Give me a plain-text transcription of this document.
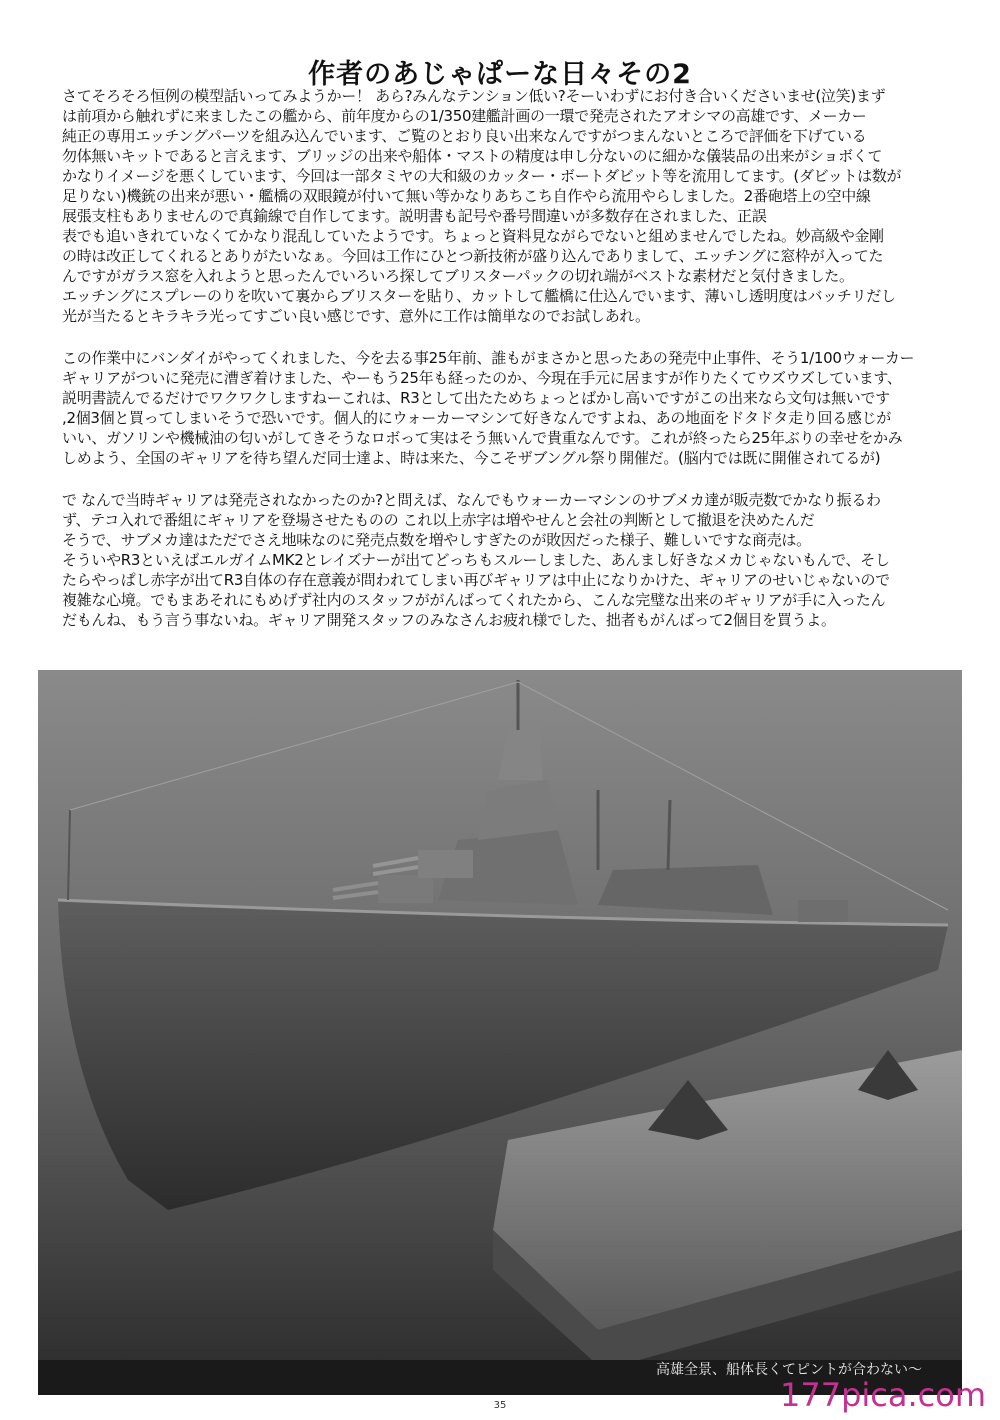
作者のあじゃぱーな日々その2

さてそろそろ恒例の模型話いってみようかー！ あら?みんなテンション低い?そーいわずにお付き合いくださいませ(泣笑)まず
は前項から触れずに来ましたこの艦から、前年度からの1/350建艦計画の一環で発売されたアオシマの高雄です、メーカー
純正の専用エッチングパーツを組み込んでいます、ご覧のとおり良い出来なんですがつまんないところで評価を下げている
勿体無いキットであると言えます、ブリッジの出来や船体・マストの精度は申し分ないのに細かな儀装品の出来がショボくて
かなりイメージを悪くしています、今回は一部タミヤの大和級のカッター・ボートダビット等を流用してます。(ダビットは数が
足りない)機銃の出来が悪い・艦橋の双眼鏡が付いて無い等かなりあちこち自作やら流用やらしました。2番砲塔上の空中線
展張支柱もありませんので真鍮線で自作してます。説明書も記号や番号間違いが多数存在されました、正誤
表でも追いきれていなくてかなり混乱していたようです。ちょっと資料見ながらでないと組めませんでしたね。妙高級や金剛
の時は改正してくれるとありがたいなぁ。今回は工作にひとつ新技術が盛り込んでありまして、エッチングに窓枠が入ってた
んですがガラス窓を入れようと思ったんでいろいろ探してブリスターパックの切れ端がベストな素材だと気付きました。
エッチングにスプレーのりを吹いて裏からブリスターを貼り、カットして艦橋に仕込んでいます、薄いし透明度はバッチリだし
光が当たるとキラキラ光ってすごい良い感じです、意外に工作は簡単なのでお試しあれ。

この作業中にバンダイがやってくれました、今を去る事25年前、誰もがまさかと思ったあの発売中止事件、そう1/100ウォーカー
ギャリアがついに発売に漕ぎ着けました、やーもう25年も経ったのか、今現在手元に居ますが作りたくてウズウズしています、
説明書読んでるだけでワクワクしますねーこれは、R3として出たためちょっとばかし高いですがこの出来なら文句は無いです
,2個3個と買ってしまいそうで恐いです。個人的にウォーカーマシンて好きなんですよね、あの地面をドタドタ走り回る感じが
いい、ガソリンや機械油の匂いがしてきそうなロボって実はそう無いんで貴重なんです。これが終ったら25年ぶりの幸せをかみ
しめよう、全国のギャリアを待ち望んだ同士達よ、時は来た、今こそザブングル祭り開催だ。(脳内では既に開催されてるが)

で なんで当時ギャリアは発売されなかったのか?と問えば、なんでもウォーカーマシンのサブメカ達が販売数でかなり振るわ
ず、テコ入れで番組にギャリアを登場させたものの これ以上赤字は増やせんと会社の判断として撤退を決めたんだ
そうで、サブメカ達はただでさえ地味なのに発売点数を増やしすぎたのが敗因だった様子、難しいですな商売は。
そういやR3といえばエルガイムMK2とレイズナーが出てどっちもスルーしました、あんまし好きなメカじゃないもんで、そし
たらやっぱし赤字が出てR3自体の存在意義が問われてしまい再びギャリアは中止になりかけた、ギャリアのせいじゃないので
複雑な心境。でもまあそれにもめげず社内のスタッフががんばってくれたから、こんな完璧な出来のギャリアが手に入ったん
だもんね、もう言う事ないね。ギャリア開発スタッフのみなさんお疲れ様でした、拙者もがんばって2個目を買うよ。

高雄全景、船体長くてピントが合わない～
35	177pica.com
